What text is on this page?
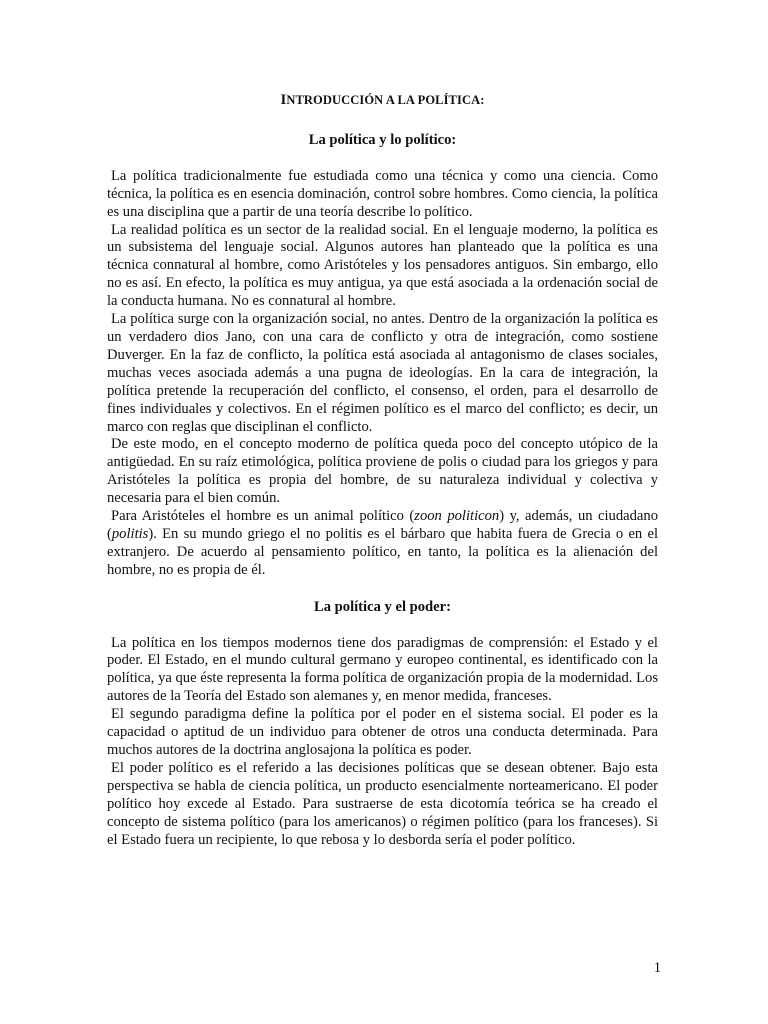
INTRODUCCIÓN A LA POLÍTICA:

La política y lo político:

La política tradicionalmente fue estudiada como una técnica y como una ciencia. Como técnica, la política es en esencia dominación, control sobre hombres. Como ciencia, la política es una disciplina que a partir de una teoría describe lo político.

La realidad política es un sector de la realidad social. En el lenguaje moderno, la política es un subsistema del lenguaje social. Algunos autores han planteado que la política es una técnica connatural al hombre, como Aristóteles y los pensadores antiguos. Sin embargo, ello no es así. En efecto, la política es muy antigua, ya que está asociada a la ordenación social de la conducta humana. No es connatural al hombre.

La política surge con la organización social, no antes. Dentro de la organización la política es un verdadero dios Jano, con una cara de conflicto y otra de integración, como sostiene Duverger. En la faz de conflicto, la política está asociada al antagonismo de clases sociales, muchas veces asociada además a una pugna de ideologías. En la cara de integración, la política pretende la recuperación del conflicto, el consenso, el orden, para el desarrollo de fines individuales y colectivos. En el régimen político es el marco del conflicto; es decir, un marco con reglas que disciplinan el conflicto.

De este modo, en el concepto moderno de política queda poco del concepto utópico de la antigüedad. En su raíz etimológica, política proviene de polis o ciudad para los griegos y para Aristóteles la política es propia del hombre, de su naturaleza individual y colectiva y necesaria para el bien común.

Para Aristóteles el hombre es un animal político (zoon politicon) y, además, un ciudadano (politis). En su mundo griego el no politis es el bárbaro que habita fuera de Grecia o en el extranjero. De acuerdo al pensamiento político, en tanto, la política es la alienación del hombre, no es propia de él.

La política y el poder:

La política en los tiempos modernos tiene dos paradigmas de comprensión: el Estado y el poder. El Estado, en el mundo cultural germano y europeo continental, es identificado con la política, ya que éste representa la forma política de organización propia de la modernidad. Los autores de la Teoría del Estado son alemanes y, en menor medida, franceses.

El segundo paradigma define la política por el poder en el sistema social. El poder es la capacidad o aptitud de un individuo para obtener de otros una conducta determinada. Para muchos autores de la doctrina anglosajona la política es poder.

El poder político es el referido a las decisiones políticas que se desean obtener. Bajo esta perspectiva se habla de ciencia política, un producto esencialmente norteamericano. El poder político hoy excede al Estado. Para sustraerse de esta dicotomía teórica se ha creado el concepto de sistema político (para los americanos) o régimen político (para los franceses). Si el Estado fuera un recipiente, lo que rebosa y lo desborda sería el poder político.

1
